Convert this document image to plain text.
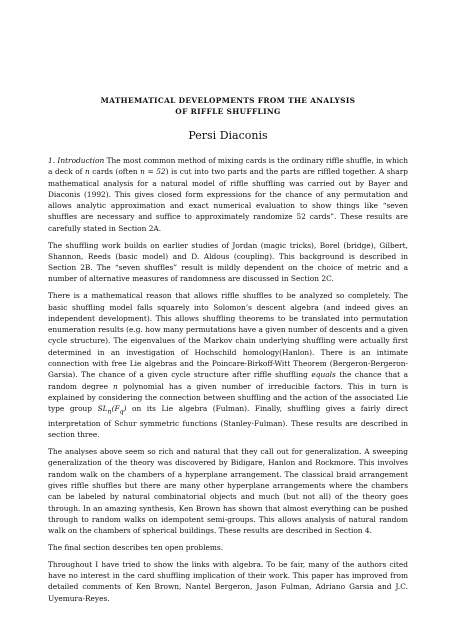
MATHEMATICAL DEVELOPMENTS FROM THE ANALYSIS
OF RIFFLE SHUFFLING
Persi Diaconis

1. Introduction The most common method of mixing cards is the ordinary riffle shuffle, in which a deck of n cards (often n = 52) is cut into two parts and the parts are riffled together. A sharp mathematical analysis for a natural model of riffle shuffling was carried out by Bayer and Diaconis (1992). This gives closed form expressions for the chance of any permutation and allows analytic approximation and exact numerical evaluation to show things like “seven shuffles are necessary and suffice to approximately randomize 52 cards”. These results are carefully stated in Section 2A.

The shuffling work builds on earlier studies of Jordan (magic tricks), Borel (bridge), Gilbert, Shannon, Reeds (basic model) and D. Aldous (coupling). This background is described in Section 2B. The “seven shuffles” result is mildly dependent on the choice of metric and a number of alternative measures of randomness are discussed in Section 2C.

There is a mathematical reason that allows riffle shuffles to be analyzed so completely. The basic shuffling model falls squarely into Solomon’s descent algebra (and indeed gives an independent development). This allows shuffling theorems to be translated into permutation enumeration results (e.g. how many permutations have a given number of descents and a given cycle structure). The eigenvalues of the Markov chain underlying shuffling were actually first determined in an investigation of Hochschild homology(Hanlon). There is an intimate connection with free Lie algebras and the Poincare-Birkoff-Witt Theorem (Bergeron-Bergeron-Garsia). The chance of a given cycle structure after riffle shuffling equals the chance that a random degree n polynomial has a given number of irreducible factors. This in turn is explained by considering the connection between shuffling and the action of the associated Lie type group $SL_n(F_q)$ on its Lie algebra (Fulman). Finally, shuffling gives a fairly direct interpretation of Schur symmetric functions (Stanley-Fulman). These results are described in section three.

The analyses above seem so rich and natural that they call out for generalization. A sweeping generalization of the theory was discovered by Bidigare, Hanlon and Rockmore. This involves random walk on the chambers of a hyperplane arrangement. The classical braid arrangement gives riffle shuffles but there are many other hyperplane arrangements where the chambers can be labeled by natural combinatorial objects and much (but not all) of the theory goes through. In an amazing synthesis, Ken Brown has shown that almost everything can be pushed through to random walks on idempotent semi-groups. This allows analysis of natural random walk on the chambers of spherical buildings. These results are described in Section 4.

The final section describes ten open problems.

Throughout I have tried to show the links with algebra. To be fair, many of the authors cited have no interest in the card shuffling implication of their work. This paper has improved from detailed comments of Ken Brown, Nantel Bergeron, Jason Fulman, Adriano Garsia and J.C. Uyemura-Reyes.
